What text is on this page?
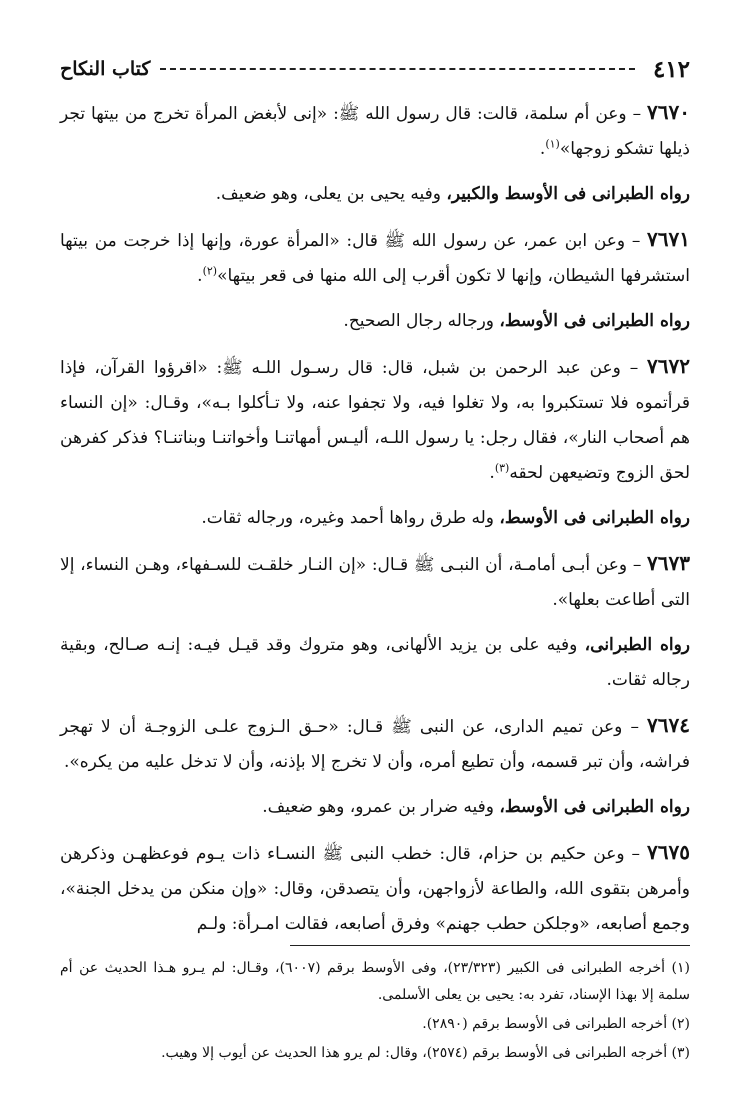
٤١٢
كتاب النكاح

٧٦٧٠ – وعن أم سلمة، قالت: قال رسول الله ﷺ: «إنى لأبغض المرأة تخرج من بيتها تجر ذيلها تشكو زوجها»$^{(١)}$.

رواه الطبرانى فى الأوسط والكبير، وفيه يحيى بن يعلى، وهو ضعيف.

٧٦٧١ – وعن ابن عمر، عن رسول الله ﷺ قال: «المرأة عورة، وإنها إذا خرجت من بيتها استشرفها الشيطان، وإنها لا تكون أقرب إلى الله منها فى قعر بيتها»$^{(٢)}$.

رواه الطبرانى فى الأوسط، ورجاله رجال الصحيح.

٧٦٧٢ – وعن عبد الرحمن بن شبل، قال: قال رسـول اللـه ﷺ: «اقرؤوا القرآن، فإذا قرأتموه فلا تستكبروا به، ولا تغلوا فيه، ولا تجفوا عنه، ولا تـأكلوا بـه»، وقـال: «إن النساء هم أصحاب النار»، فقال رجل: يا رسول اللـه، أليـس أمهاتنـا وأخواتنـا وبناتنـا؟ فذكر كفرهن لحق الزوج وتضيعهن لحقه$^{(٣)}$.

رواه الطبرانى فى الأوسط، وله طرق رواها أحمد وغيره، ورجاله ثقات.

٧٦٧٣ – وعن أبـى أمامـة، أن النبـى ﷺ قـال: «إن النـار خلقـت للسـفهاء، وهـن النساء، إلا التى أطاعت بعلها».

رواه الطبرانى، وفيه على بن يزيد الألهانى، وهو متروك وقد قيـل فيـه: إنـه صـالح، وبقية رجاله ثقات.

٧٦٧٤ – وعن تميم الدارى، عن النبى ﷺ قـال: «حـق الـزوج علـى الزوجـة أن لا تهجر فراشه، وأن تبر قسمه، وأن تطيع أمره، وأن لا تخرج إلا بإذنه، وأن لا تدخل عليه من يكره».

رواه الطبرانى فى الأوسط، وفيه ضرار بن عمرو، وهو ضعيف.

٧٦٧٥ – وعن حكيم بن حزام، قال: خطب النبى ﷺ النسـاء ذات يـوم فوعظهـن وذكرهن وأمرهن بتقوى الله، والطاعة لأزواجهن، وأن يتصدقن، وقال: «وإن منكن من يدخل الجنة»، وجمع أصابعه، «وجلكن حطب جهنم» وفرق أصابعه، فقالت امـرأة: ولـم

(١) أخرجه الطبرانى فى الكبير (٢٣/٣٢٣)، وفى الأوسط برقم (٦٠٠٧)، وقـال: لم يـرو هـذا الحديث عن أم سلمة إلا بهذا الإسناد، تفرد به: يحيى بن يعلى الأسلمى.

(٢) أخرجه الطبرانى فى الأوسط برقم (٢٨٩٠).

(٣) أخرجه الطبرانى فى الأوسط برقم (٢٥٧٤)، وقال: لم يرو هذا الحديث عن أيوب إلا وهيب.
